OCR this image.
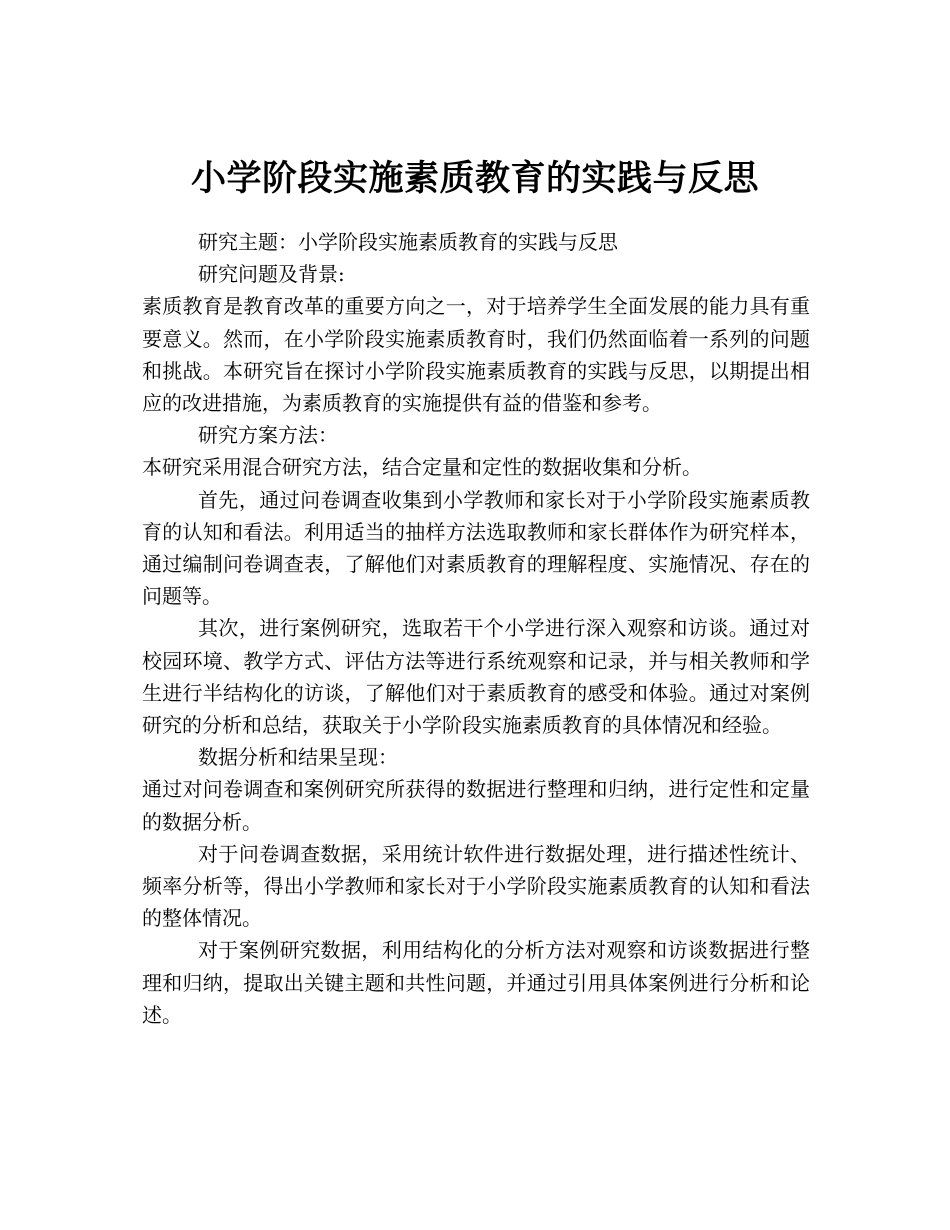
小学阶段实施素质教育的实践与反思

研究主题：小学阶段实施素质教育的实践与反思

研究问题及背景:

素质教育是教育改革的重要方向之一，对于培养学生全面发展的能力具有重要意义。然而，在小学阶段实施素质教育时，我们仍然面临着一系列的问题和挑战。本研究旨在探讨小学阶段实施素质教育的实践与反思，以期提出相应的改进措施，为素质教育的实施提供有益的借鉴和参考。

研究方案方法：

本研究采用混合研究方法，结合定量和定性的数据收集和分析。

首先，通过问卷调查收集到小学教师和家长对于小学阶段实施素质教育的认知和看法。利用适当的抽样方法选取教师和家长群体作为研究样本，通过编制问卷调查表，了解他们对素质教育的理解程度、实施情况、存在的问题等。

其次，进行案例研究，选取若干个小学进行深入观察和访谈。通过对校园环境、教学方式、评估方法等进行系统观察和记录，并与相关教师和学生进行半结构化的访谈，了解他们对于素质教育的感受和体验。通过对案例研究的分析和总结，获取关于小学阶段实施素质教育的具体情况和经验。

数据分析和结果呈现：

通过对问卷调查和案例研究所获得的数据进行整理和归纳，进行定性和定量的数据分析。

对于问卷调查数据，采用统计软件进行数据处理，进行描述性统计、频率分析等，得出小学教师和家长对于小学阶段实施素质教育的认知和看法的整体情况。

对于案例研究数据，利用结构化的分析方法对观察和访谈数据进行整理和归纳，提取出关键主题和共性问题，并通过引用具体案例进行分析和论述。
